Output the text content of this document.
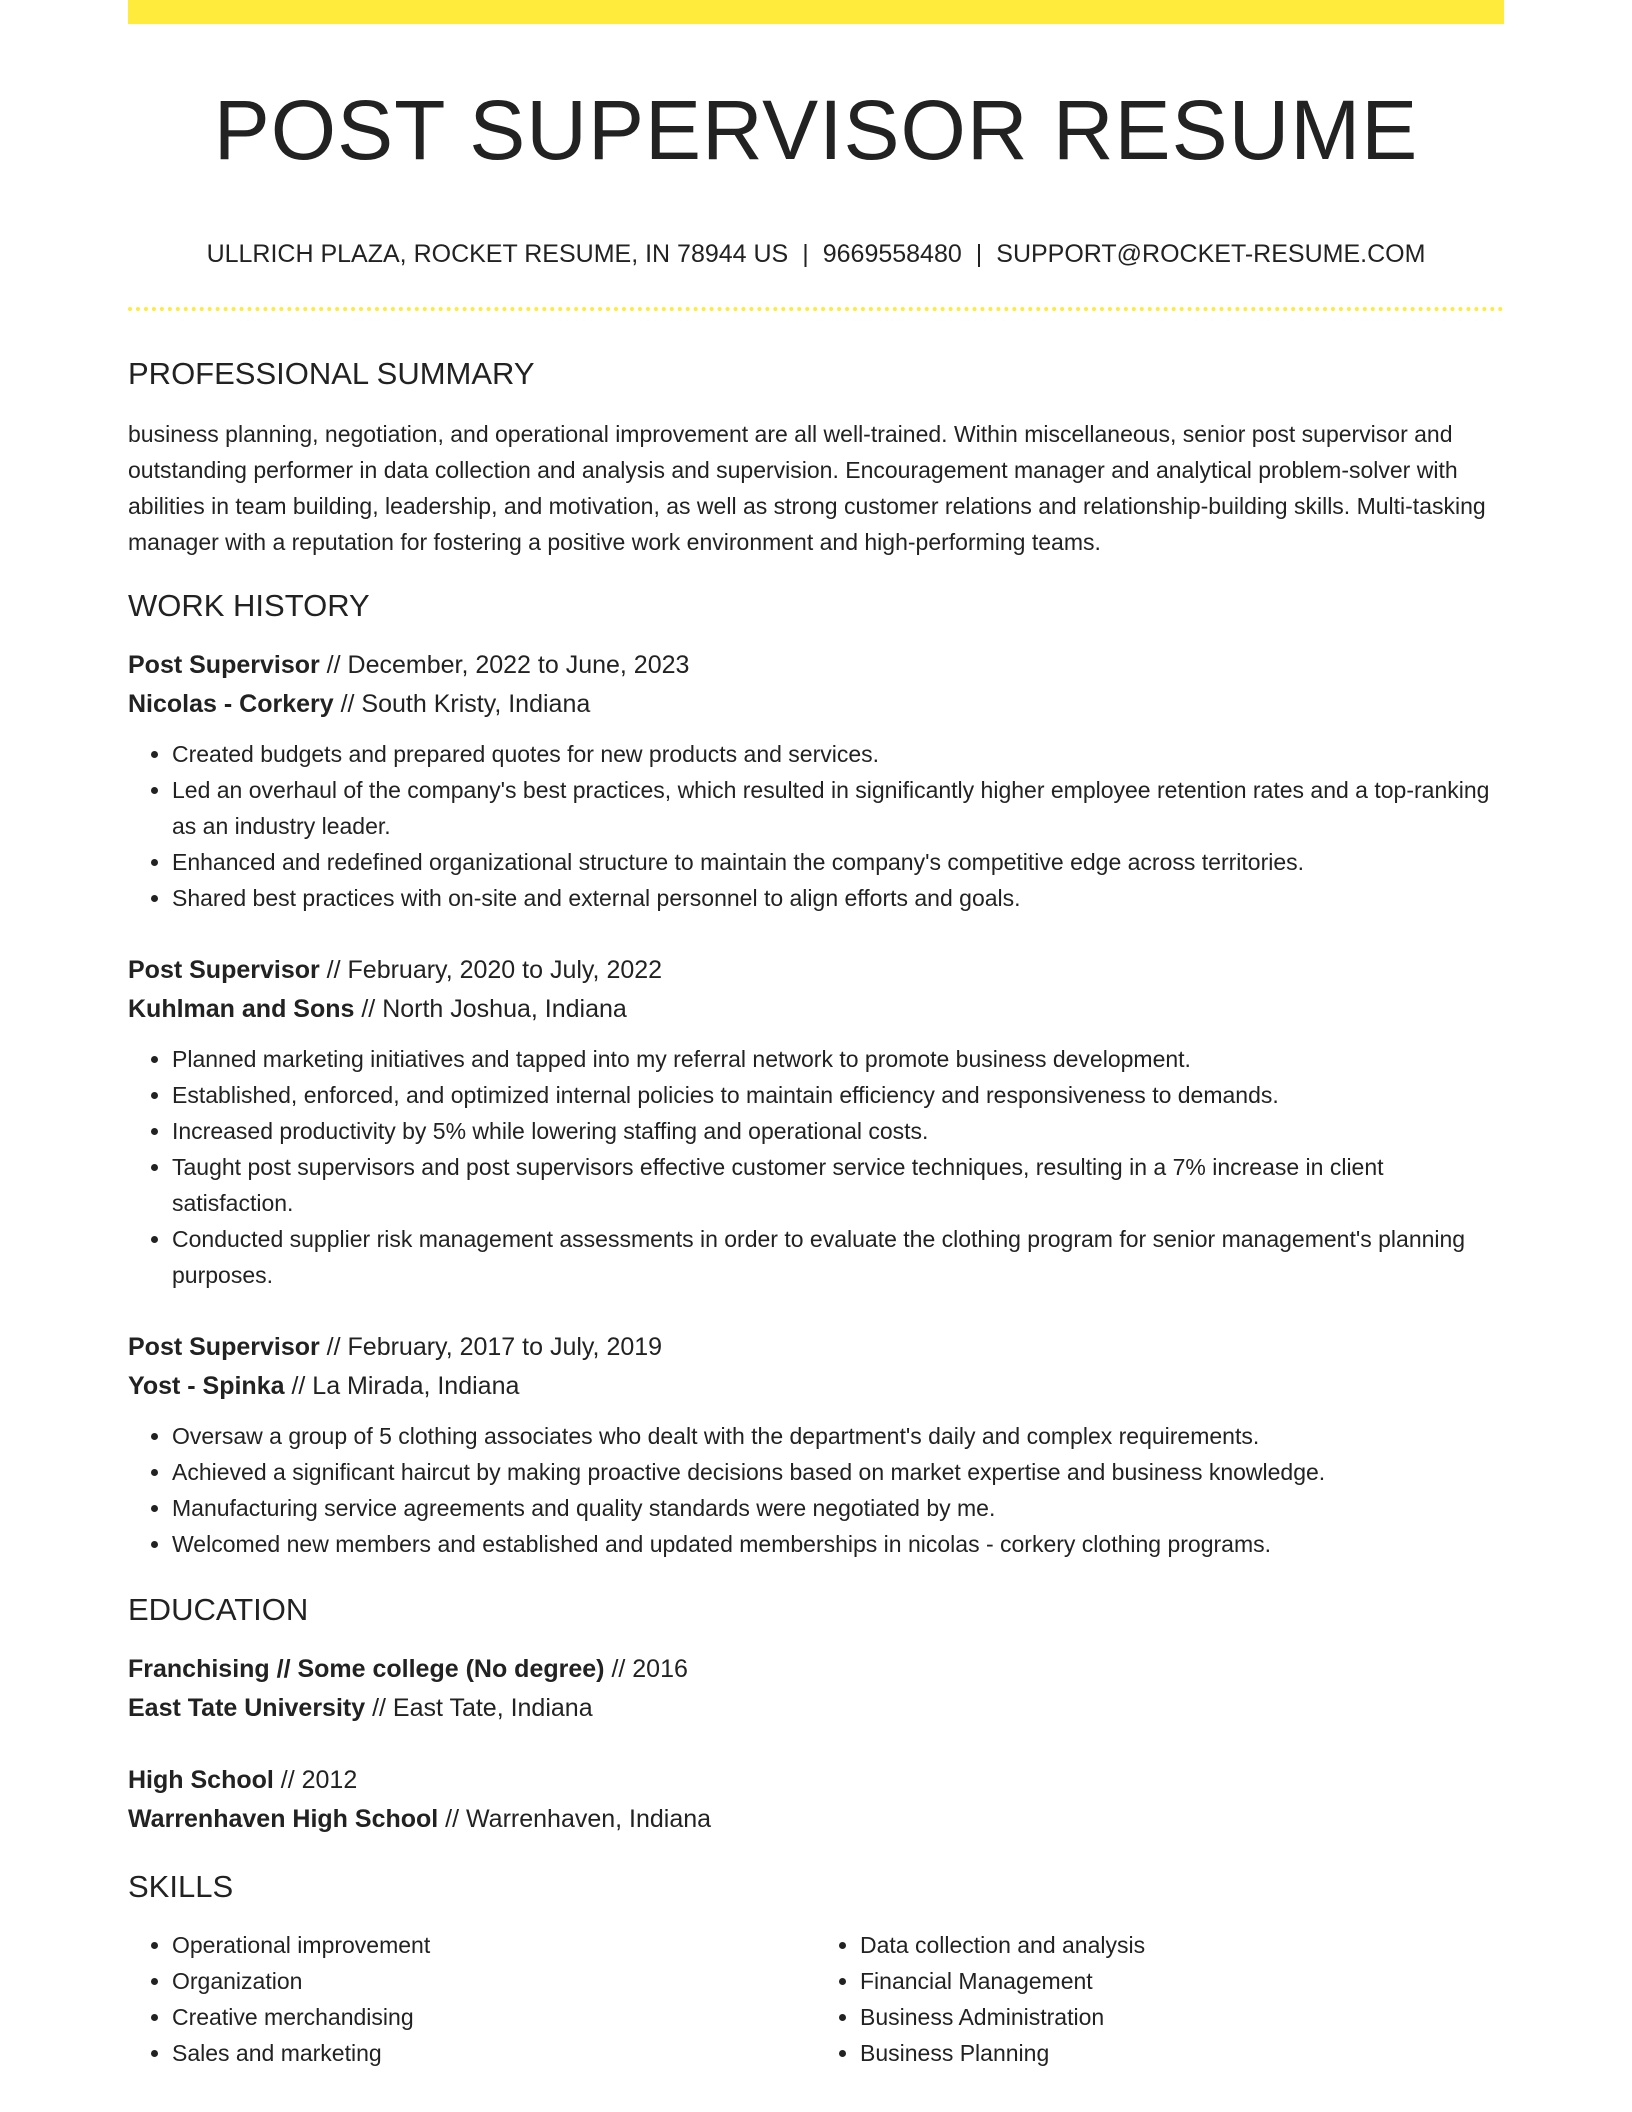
POST SUPERVISOR RESUME
ULLRICH PLAZA, ROCKET RESUME, IN 78944 US | 9669558480 | SUPPORT@ROCKET-RESUME.COM
PROFESSIONAL SUMMARY
business planning, negotiation, and operational improvement are all well-trained. Within miscellaneous, senior post supervisor and outstanding performer in data collection and analysis and supervision. Encouragement manager and analytical problem-solver with abilities in team building, leadership, and motivation, as well as strong customer relations and relationship-building skills. Multi-tasking manager with a reputation for fostering a positive work environment and high-performing teams.
WORK HISTORY
Post Supervisor // December, 2022 to June, 2023
Nicolas - Corkery // South Kristy, Indiana
• Created budgets and prepared quotes for new products and services.
• Led an overhaul of the company's best practices, which resulted in significantly higher employee retention rates and a top-ranking as an industry leader.
• Enhanced and redefined organizational structure to maintain the company's competitive edge across territories.
• Shared best practices with on-site and external personnel to align efforts and goals.
Post Supervisor // February, 2020 to July, 2022
Kuhlman and Sons // North Joshua, Indiana
• Planned marketing initiatives and tapped into my referral network to promote business development.
• Established, enforced, and optimized internal policies to maintain efficiency and responsiveness to demands.
• Increased productivity by 5% while lowering staffing and operational costs.
• Taught post supervisors and post supervisors effective customer service techniques, resulting in a 7% increase in client satisfaction.
• Conducted supplier risk management assessments in order to evaluate the clothing program for senior management's planning purposes.
Post Supervisor // February, 2017 to July, 2019
Yost - Spinka // La Mirada, Indiana
• Oversaw a group of 5 clothing associates who dealt with the department's daily and complex requirements.
• Achieved a significant haircut by making proactive decisions based on market expertise and business knowledge.
• Manufacturing service agreements and quality standards were negotiated by me.
• Welcomed new members and established and updated memberships in nicolas - corkery clothing programs.
EDUCATION
Franchising // Some college (No degree) // 2016
East Tate University // East Tate, Indiana
High School // 2012
Warrenhaven High School // Warrenhaven, Indiana
SKILLS
• Operational improvement
• Organization
• Creative merchandising
• Sales and marketing
• Data collection and analysis
• Financial Management
• Business Administration
• Business Planning
